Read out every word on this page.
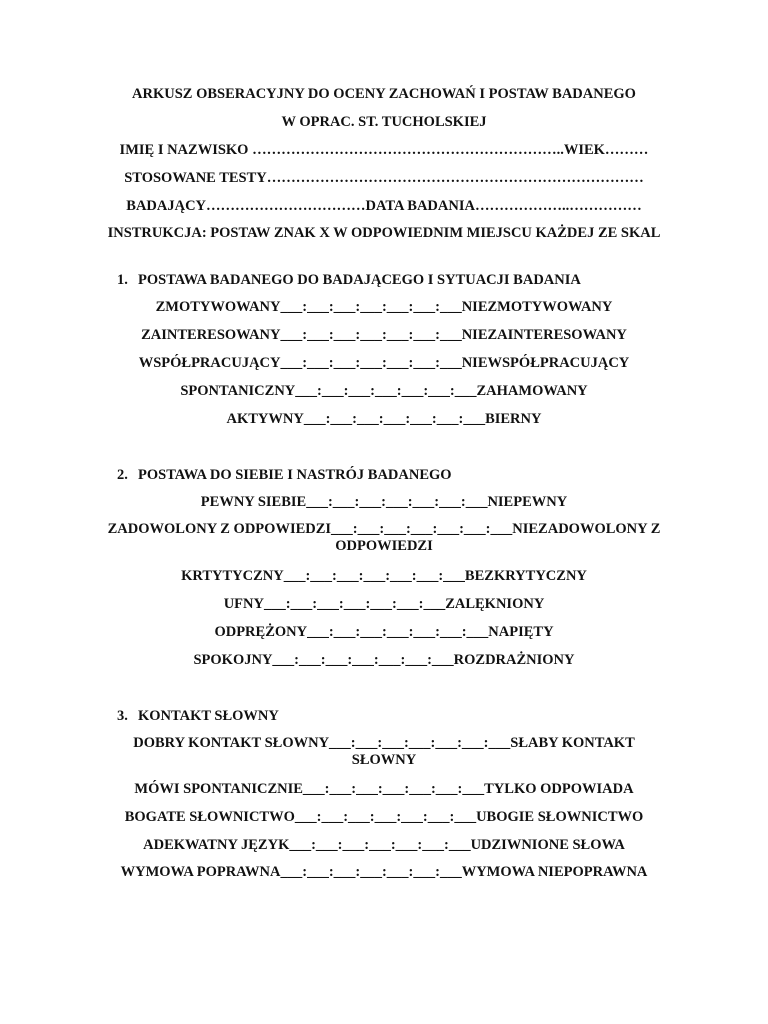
ARKUSZ OBSERACYJNY DO OCENY ZACHOWAŃ I POSTAW BADANEGO
W OPRAC. ST. TUCHOLSKIEJ
IMIĘ I NAZWISKO ………………………………………………………..WIEK………
STOSOWANE TESTY……………………………………………………………………
BADAJĄCY……………………………DATA BADANIA………………..……………
INSTRUKCJA: POSTAW ZNAK X W ODPOWIEDNIM MIEJSCU KAŻDEJ ZE SKAL
1. POSTAWA BADANEGO DO BADAJĄCEGO I SYTUACJI BADANIA
ZMOTYWOWANY___:___:___:___:___:___:___NIEZMOTYWOWANY
ZAINTERESOWANY___:___:___:___:___:___:___NIEZAINTERESOWANY
WSPÓŁPRACUJĄCY___:___:___:___:___:___:___NIEWSPÓŁPRACUJĄCY
SPONTANICZNY___:___:___:___:___:___:___ZAHAMOWANY
AKTYWNY___:___:___:___:___:___:___BIERNY
2. POSTAWA DO SIEBIE I NASTRÓJ BADANEGO
PEWNY SIEBIE___:___:___:___:___:___:___NIEPEWNY
ZADOWOLONY Z ODPOWIEDZI___:___:___:___:___:___:___NIEZADOWOLONY Z ODPOWIEDZI
KRTYTYCZNY___:___:___:___:___:___:___BEZKRYTYCZNY
UFNY___:___:___:___:___:___:___ZALĘKNIONY
ODPRĘŻONY___:___:___:___:___:___:___NAPIĘTY
SPOKOJNY___:___:___:___:___:___:___ROZDRAŻNIONY
3. KONTAKT SŁOWNY
DOBRY KONTAKT SŁOWNY___:___:___:___:___:___:___SŁABY KONTAKT SŁOWNY
MÓWI SPONTANICZNIE___:___:___:___:___:___:___TYLKO ODPOWIADA
BOGATE SŁOWNICTWO___:___:___:___:___:___:___UBOGIE SŁOWNICTWO
ADEKWATNY JĘZYK___:___:___:___:___:___:___UDZIWNIONE SŁOWA
WYMOWA POPRAWNA___:___:___:___:___:___:___WYMOWA NIEPOPRAWNA
